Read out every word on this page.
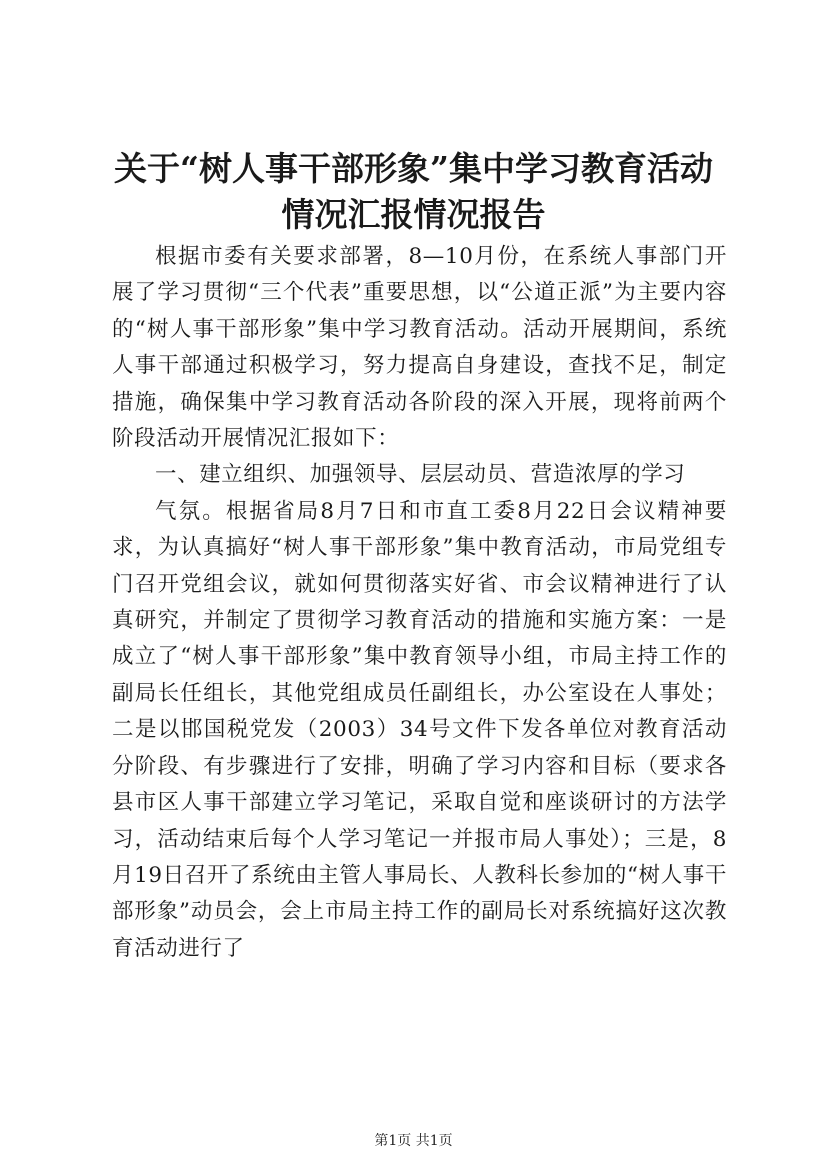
关于“树人事干部形象”集中学习教育活动情况汇报情况报告

根据市委有关要求部署，8—10月份，在系统人事部门开展了学习贯彻“三个代表”重要思想，以“公道正派”为主要内容的“树人事干部形象”集中学习教育活动。活动开展期间，系统人事干部通过积极学习，努力提高自身建设，查找不足，制定措施，确保集中学习教育活动各阶段的深入开展，现将前两个阶段活动开展情况汇报如下：

一、建立组织、加强领导、层层动员、营造浓厚的学习

气氛。根据省局8月7日和市直工委8月22日会议精神要求，为认真搞好“树人事干部形象”集中教育活动，市局党组专门召开党组会议，就如何贯彻落实好省、市会议精神进行了认真研究，并制定了贯彻学习教育活动的措施和实施方案：一是成立了“树人事干部形象”集中教育领导小组，市局主持工作的副局长任组长，其他党组成员任副组长，办公室设在人事处；二是以邯国税党发（2003）34号文件下发各单位对教育活动分阶段、有步骤进行了安排，明确了学习内容和目标（要求各县市区人事干部建立学习笔记，采取自觉和座谈研讨的方法学习，活动结束后每个人学习笔记一并报市局人事处）；三是，8月19日召开了系统由主管人事局长、人教科长参加的“树人事干部形象”动员会，会上市局主持工作的副局长对系统搞好这次教育活动进行了

第1页 共1页
